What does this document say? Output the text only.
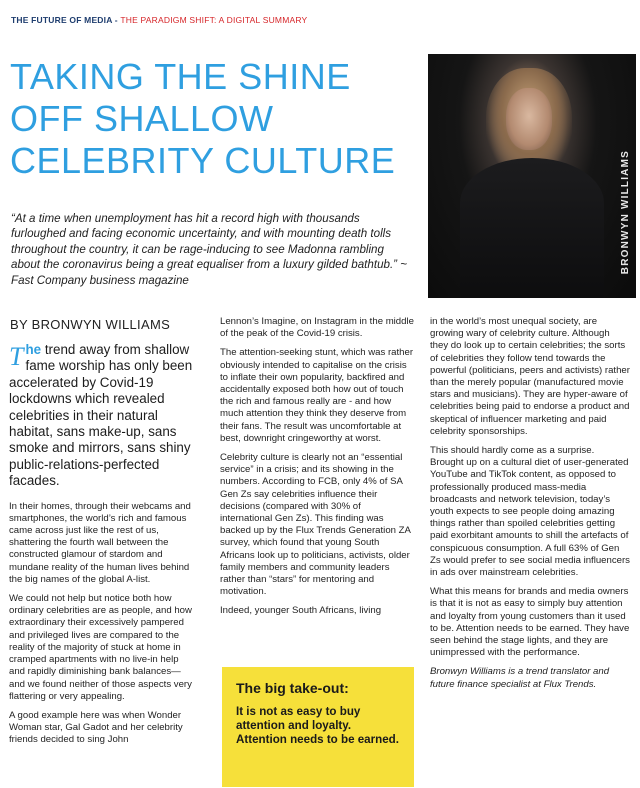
THE FUTURE OF MEDIA - THE PARADIGM SHIFT: A DIGITAL SUMMARY
TAKING THE SHINE OFF SHALLOW CELEBRITY CULTURE	BRONWYN WILLIAMS

“At a time when unemployment has hit a record high with thousands furloughed and facing economic uncertainty, and with mounting death tolls throughout the country, it can be rage-inducing to see Madonna rambling about the coronavirus being a great equaliser from a luxury gilded bathtub.” ~ Fast Company business magazine

BY BRONWYN WILLIAMS

The trend away from shallow fame worship has only been accelerated by Covid-19 lockdowns which revealed celebrities in their natural habitat, sans make-up, sans smoke and mirrors, sans shiny public-relations-perfected facades.

In their homes, through their webcams and smartphones, the world’s rich and famous came across just like the rest of us, shattering the fourth wall between the constructed glamour of stardom and mundane reality of the human lives behind the big names of the global A-list.

We could not help but notice both how ordinary celebrities are as people, and how extraordinary their excessively pampered and privileged lives are compared to the reality of the majority of stuck at home in cramped apartments with no live-in help and rapidly diminishing bank balances— and we found neither of those aspects very flattering or very appealing.

A good example here was when Wonder Woman star, Gal Gadot and her celebrity friends decided to sing John

Lennon’s Imagine, on Instagram in the middle of the peak of the Covid-19 crisis.

The attention-seeking stunt, which was rather obviously intended to capitalise on the crisis to inflate their own popularity, backfired and accidentally exposed both how out of touch the rich and famous really are - and how much attention they think they deserve from their fans. The result was uncomfortable at best, downright cringeworthy at worst.

Celebrity culture is clearly not an “essential service” in a crisis; and its showing in the numbers. According to FCB, only 4% of SA Gen Zs say celebrities influence their decisions (compared with 30% of international Gen Zs). This finding was backed up by the Flux Trends Generation ZA survey, which found that young South Africans look up to politicians, activists, older family members and community leaders rather than “stars” for mentoring and motivation.

Indeed, younger South Africans, living

The big take-out:

It is not as easy to buy attention and loyalty. Attention needs to be earned.

in the world’s most unequal society, are growing wary of celebrity culture. Although they do look up to certain celebrities; the sorts of celebrities they follow tend towards the powerful (politicians, peers and activists) rather than the merely popular (manufactured movie stars and musicians). They are hyper-aware of celebrities being paid to endorse a product and skeptical of influencer marketing and paid celebrity sponsorships.

This should hardly come as a surprise. Brought up on a cultural diet of user-generated YouTube and TikTok content, as opposed to professionally produced mass-media broadcasts and network television, today’s youth expects to see people doing amazing things rather than spoiled celebrities getting paid exorbitant amounts to shill the artefacts of conspicuous consumption. A full 63% of Gen Zs would prefer to see social media influencers in ads over mainstream celebrities.

What this means for brands and media owners is that it is not as easy to simply buy attention and loyalty from young customers than it used to be. Attention needs to be earned. They have seen behind the stage lights, and they are unimpressed with the performance.

Bronwyn Williams is a trend translator and future finance specialist at Flux Trends.
